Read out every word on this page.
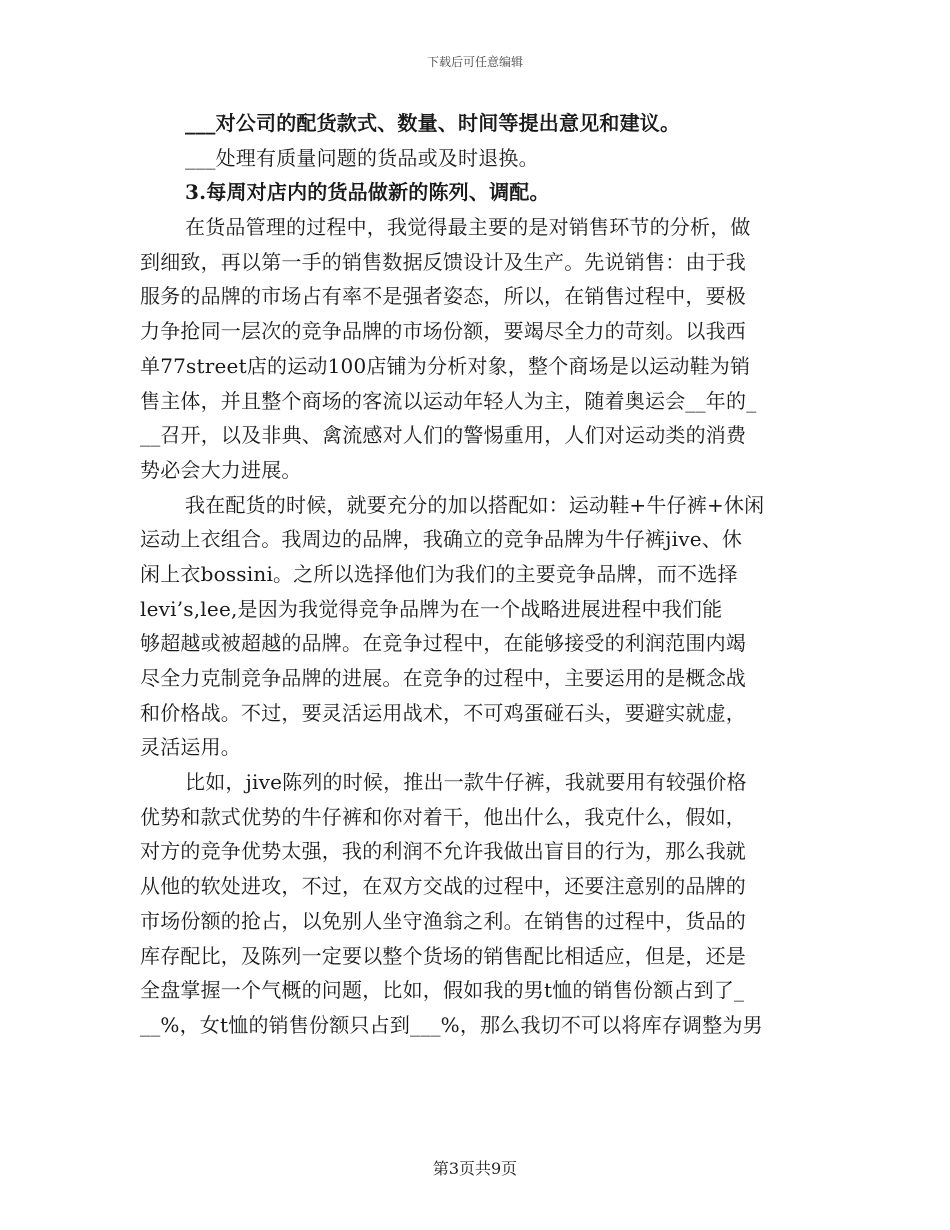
下载后可任意编辑
___对公司的配货款式、数量、时间等提出意见和建议。
___处理有质量问题的货品或及时退换。
3.每周对店内的货品做新的陈列、调配。
在货品管理的过程中，我觉得最主要的是对销售环节的分析，做
到细致，再以第一手的销售数据反馈设计及生产。先说销售：由于我
服务的品牌的市场占有率不是强者姿态，所以，在销售过程中，要极
力争抢同一层次的竞争品牌的市场份额，要竭尽全力的苛刻。以我西
单77street店的运动100店铺为分析对象，整个商场是以运动鞋为销
售主体，并且整个商场的客流以运动年轻人为主，随着奥运会__年的_
__召开，以及非典、禽流感对人们的警惕重用，人们对运动类的消费
势必会大力进展。
我在配货的时候，就要充分的加以搭配如：运动鞋+牛仔裤+休闲
运动上衣组合。我周边的品牌，我确立的竞争品牌为牛仔裤jive、休
闲上衣bossini。之所以选择他们为我们的主要竞争品牌，而不选择
levi’s,lee,是因为我觉得竞争品牌为在一个战略进展进程中我们能
够超越或被超越的品牌。在竞争过程中，在能够接受的利润范围内竭
尽全力克制竞争品牌的进展。在竞争的过程中，主要运用的是概念战
和价格战。不过，要灵活运用战术，不可鸡蛋碰石头，要避实就虚，
灵活运用。
比如，jive陈列的时候，推出一款牛仔裤，我就要用有较强价格
优势和款式优势的牛仔裤和你对着干，他出什么，我克什么，假如，
对方的竞争优势太强，我的利润不允许我做出盲目的行为，那么我就
从他的软处进攻，不过，在双方交战的过程中，还要注意别的品牌的
市场份额的抢占，以免别人坐守渔翁之利。在销售的过程中，货品的
库存配比，及陈列一定要以整个货场的销售配比相适应，但是，还是
全盘掌握一个气概的问题，比如，假如我的男t恤的销售份额占到了_
__%，女t恤的销售份额只占到___%，那么我切不可以将库存调整为男
第3页共9页
